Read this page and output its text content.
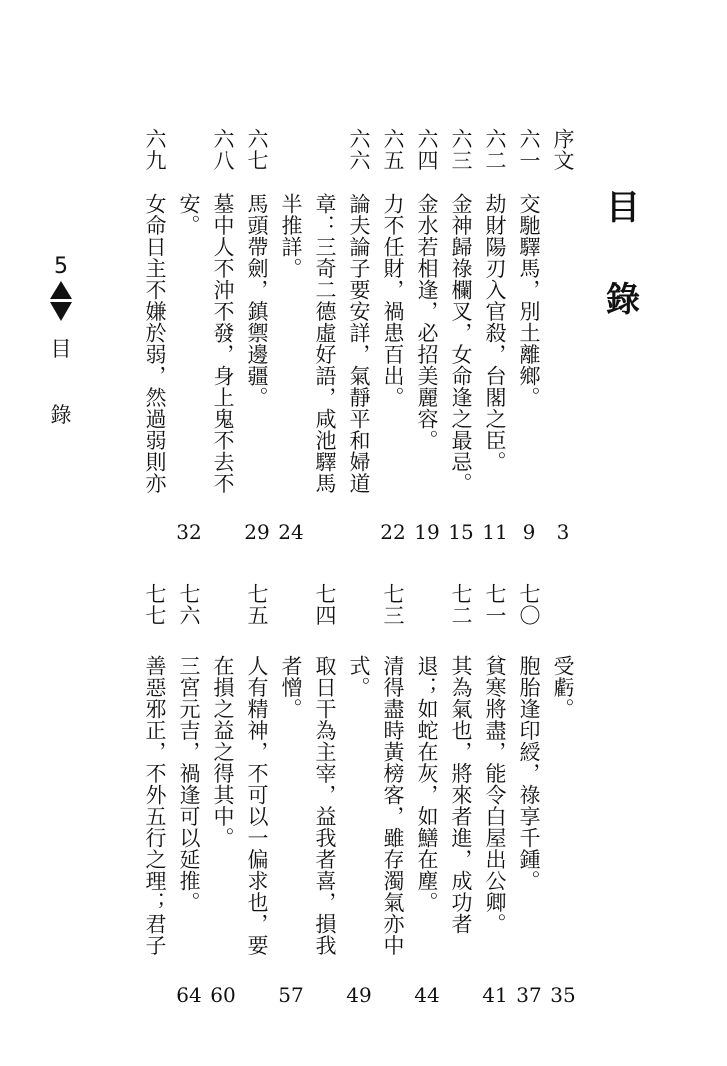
目
錄
5
目
錄
序文
3
六一
交馳驛馬，別土離鄉。
9
六二
劫財陽刃入官殺，台閣之臣。
11
六三
金神歸祿欄叉，女命逢之最忌。
15
六四
金水若相逢，必招美麗容。
19
六五
力不任財，禍患百出。
22
六六
論夫論子要安詳，氣靜平和婦道
章：三奇二德虛好語，咸池驛馬
半推詳。
24
六七
馬頭帶劍，鎮禦邊疆。
29
六八
墓中人不沖不發，身上鬼不去不
安。
32
六九
女命日主不嫌於弱，然過弱則亦
受虧。
35
七〇
胞胎逢印綬，祿享千鍾。
37
七一
貧寒將盡，能令白屋出公卿。
41
七二
其為氣也，將來者進，成功者
退；如蛇在灰，如鱔在塵。
44
七三
清得盡時黃榜客，雖存濁氣亦中
式。
49
七四
取日干為主宰，益我者喜，損我
者憎。
57
七五
人有精神，不可以一偏求也，要
在損之益之得其中。
60
七六
三宮元吉，禍逢可以延推。
64
七七
善惡邪正，不外五行之理；君子
